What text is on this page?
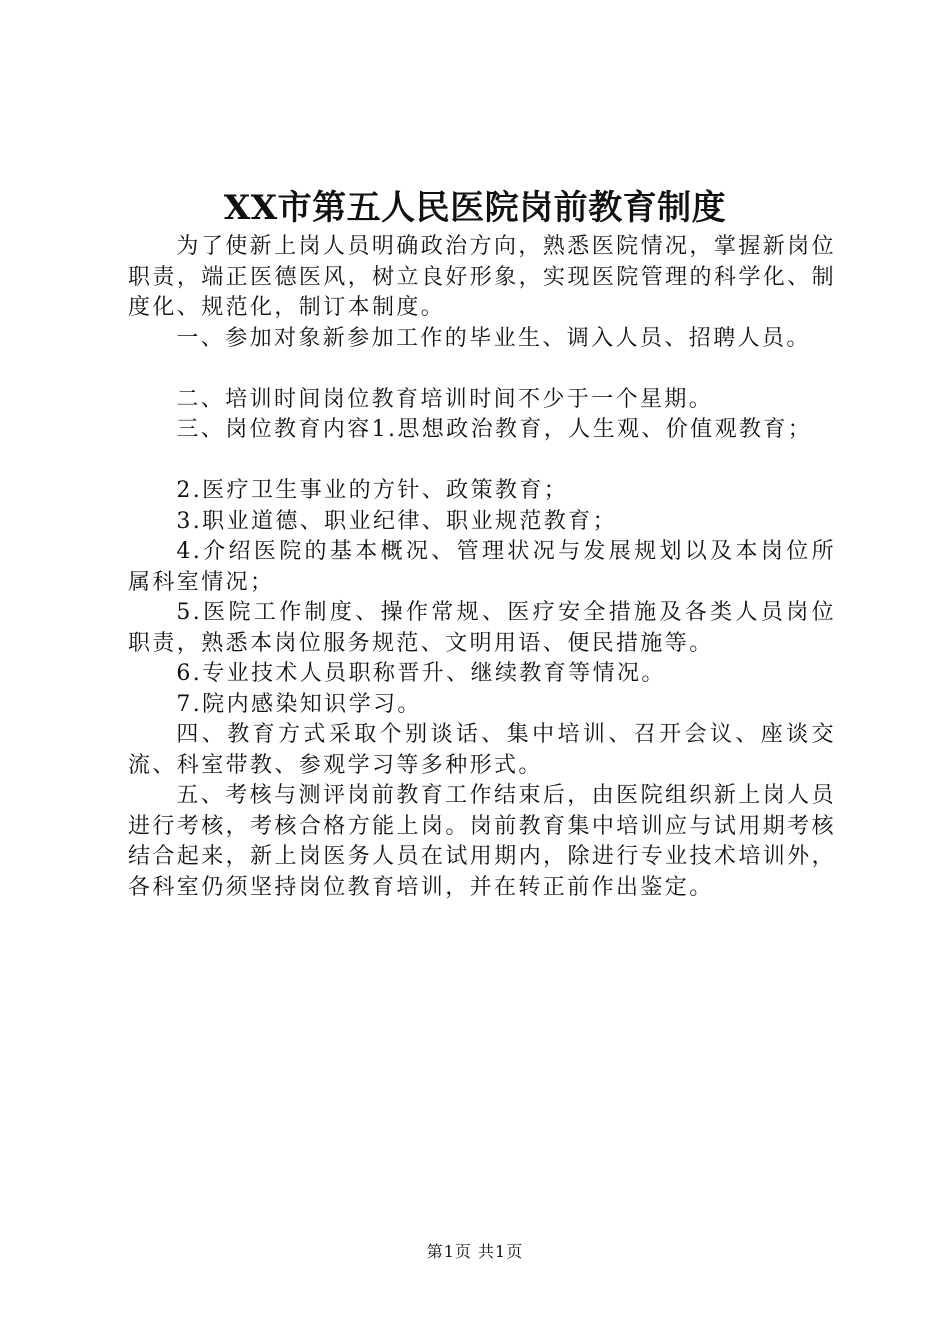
XX市第五人民医院岗前教育制度

为了使新上岗人员明确政治方向，熟悉医院情况，掌握新岗位职责，端正医德医风，树立良好形象，实现医院管理的科学化、制度化、规范化，制订本制度。

一、参加对象新参加工作的毕业生、调入人员、招聘人员。

二、培训时间岗位教育培训时间不少于一个星期。

三、岗位教育内容1.思想政治教育，人生观、价值观教育；

2.医疗卫生事业的方针、政策教育；

3.职业道德、职业纪律、职业规范教育；

4.介绍医院的基本概况、管理状况与发展规划以及本岗位所属科室情况；

5.医院工作制度、操作常规、医疗安全措施及各类人员岗位职责，熟悉本岗位服务规范、文明用语、便民措施等。

6.专业技术人员职称晋升、继续教育等情况。

7.院内感染知识学习。

四、教育方式采取个别谈话、集中培训、召开会议、座谈交流、科室带教、参观学习等多种形式。

五、考核与测评岗前教育工作结束后，由医院组织新上岗人员进行考核，考核合格方能上岗。岗前教育集中培训应与试用期考核结合起来，新上岗医务人员在试用期内，除进行专业技术培训外，各科室仍须坚持岗位教育培训，并在转正前作出鉴定。

第1页 共1页
